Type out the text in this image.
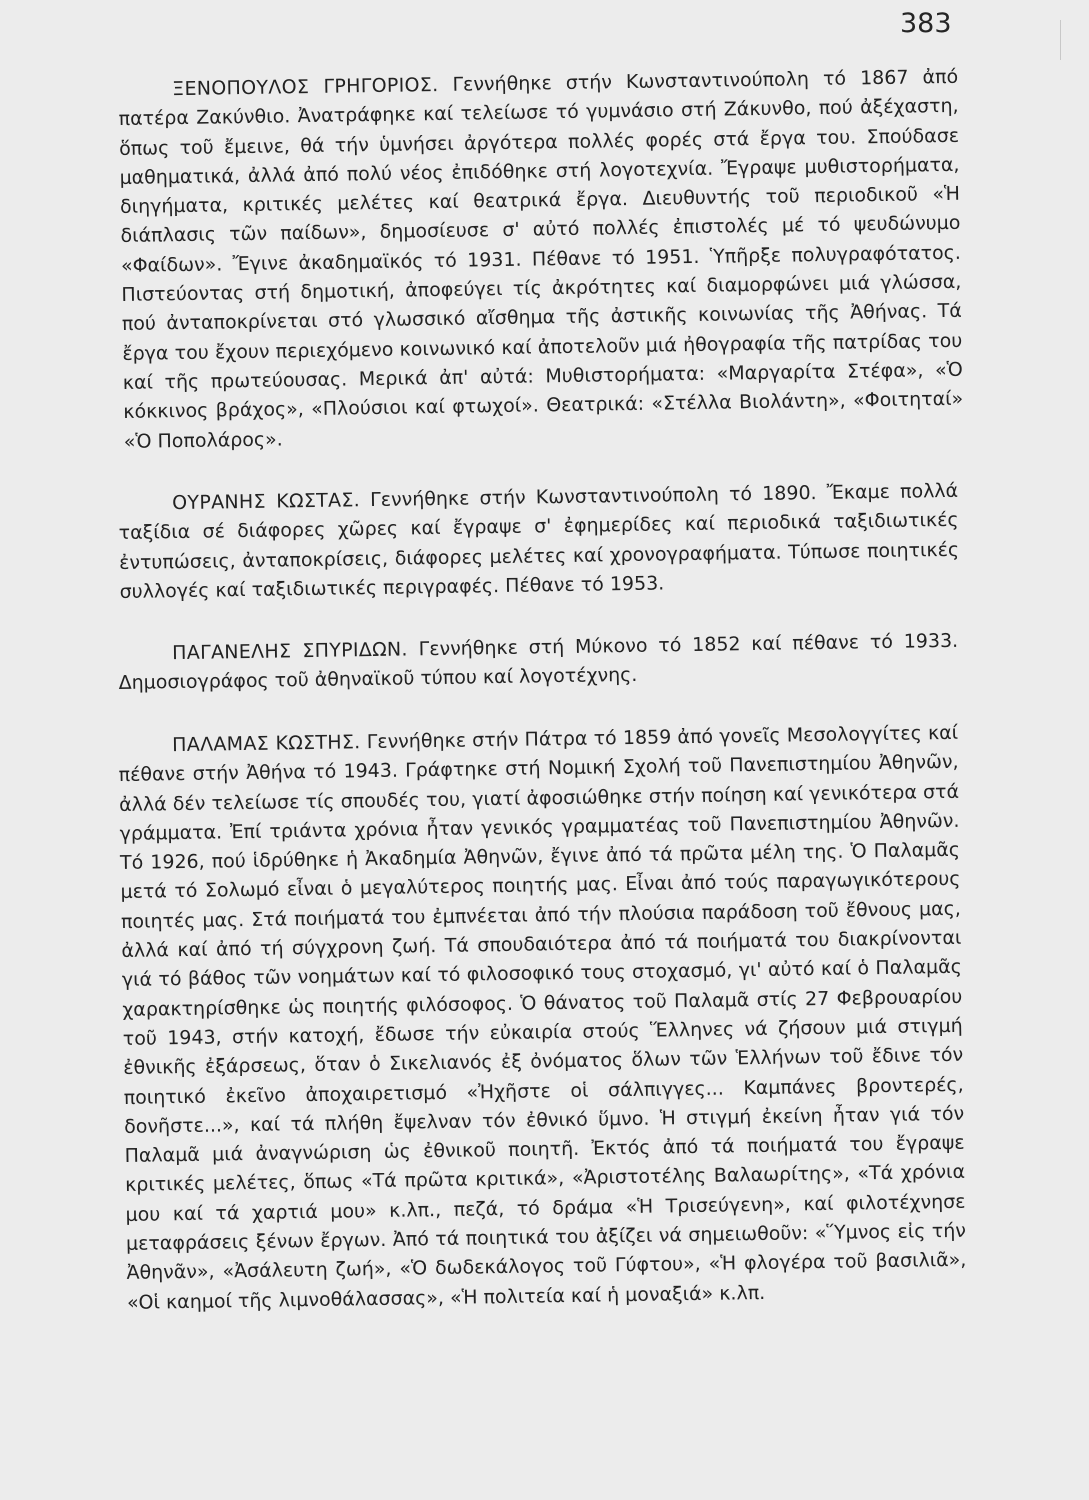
383

ΞΕΝΟΠΟΥΛΟΣ ΓΡΗΓΟΡΙΟΣ. Γεννήθηκε στήν Κωνσταντινούπολη τό 1867 ἀπό πατέρα Ζακύνθιο. Ἀνατράφηκε καί τελείωσε τό γυμνάσιο στή Ζάκυνθο, πού ἀξέχαστη, ὅπως τοῦ ἔμεινε, θά τήν ὑμνήσει ἀργότερα πολλές φορές στά ἔργα του. Σπούδασε μαθηματικά, ἀλλά ἀπό πολύ νέος ἐπιδόθηκε στή λογοτεχνία. Ἔγραψε μυθιστορήματα, διηγήματα, κριτικές μελέτες καί θεατρικά ἔργα. Διευθυντής τοῦ περιοδικοῦ «Ἡ διάπλασις τῶν παίδων», δημοσίευσε σ' αὐτό πολλές ἐπιστολές μέ τό ψευδώνυμο «Φαίδων». Ἔγινε ἀκαδημαϊκός τό 1931. Πέθανε τό 1951. Ὑπῆρξε πολυγραφότατος. Πιστεύοντας στή δημοτική, ἀποφεύγει τίς ἀκρότητες καί διαμορφώνει μιά γλώσσα, πού ἀνταποκρίνεται στό γλωσσικό αἴσθημα τῆς ἀστικῆς κοινωνίας τῆς Ἀθήνας. Τά ἔργα του ἔχουν περιεχόμενο κοινωνικό καί ἀποτελοῦν μιά ἠθογραφία τῆς πατρίδας του καί τῆς πρωτεύουσας. Μερικά ἀπ' αὐτά: Μυθιστορήματα: «Μαργαρίτα Στέφα», «Ὁ κόκκινος βράχος», «Πλούσιοι καί φτωχοί». Θεατρικά: «Στέλλα Βιολάντη», «Φοιτηταί» «Ὁ Ποπολάρος».

ΟΥΡΑΝΗΣ ΚΩΣΤΑΣ. Γεννήθηκε στήν Κωνσταντινούπολη τό 1890. Ἔκαμε πολλά ταξίδια σέ διάφορες χῶρες καί ἔγραψε σ' ἐφημερίδες καί περιοδικά ταξιδιωτικές ἐντυπώσεις, ἀνταποκρίσεις, διάφορες μελέτες καί χρονογραφήματα. Τύπωσε ποιητικές συλλογές καί ταξιδιωτικές περιγραφές. Πέθανε τό 1953.

ΠΑΓΑΝΕΛΗΣ ΣΠΥΡΙΔΩΝ. Γεννήθηκε στή Μύκονο τό 1852 καί πέθανε τό 1933. Δημοσιογράφος τοῦ ἀθηναϊκοῦ τύπου καί λογοτέχνης.

ΠΑΛΑΜΑΣ ΚΩΣΤΗΣ. Γεννήθηκε στήν Πάτρα τό 1859 ἀπό γονεῖς Μεσολογγίτες καί πέθανε στήν Ἀθήνα τό 1943. Γράφτηκε στή Νομική Σχολή τοῦ Πανεπιστημίου Ἀθηνῶν, ἀλλά δέν τελείωσε τίς σπουδές του, γιατί ἀφοσιώθηκε στήν ποίηση καί γενικότερα στά γράμματα. Ἐπί τριάντα χρόνια ἦταν γενικός γραμματέας τοῦ Πανεπιστημίου Ἀθηνῶν. Τό 1926, πού ἱδρύθηκε ἡ Ἀκαδημία Ἀθηνῶν, ἔγινε ἀπό τά πρῶτα μέλη της. Ὁ Παλαμᾶς μετά τό Σολωμό εἶναι ὁ μεγαλύτερος ποιητής μας. Εἶναι ἀπό τούς παραγωγικότερους ποιητές μας. Στά ποιήματά του ἐμπνέεται ἀπό τήν πλούσια παράδοση τοῦ ἔθνους μας, ἀλλά καί ἀπό τή σύγχρονη ζωή. Τά σπουδαιότερα ἀπό τά ποιήματά του διακρίνονται γιά τό βάθος τῶν νοημάτων καί τό φιλοσοφικό τους στοχασμό, γι' αὐτό καί ὁ Παλαμᾶς χαρακτηρίσθηκε ὡς ποιητής φιλόσοφος. Ὁ θάνατος τοῦ Παλαμᾶ στίς 27 Φεβρουαρίου τοῦ 1943, στήν κατοχή, ἔδωσε τήν εὐκαιρία στούς Ἕλληνες νά ζήσουν μιά στιγμή ἐθνικῆς ἐξάρσεως, ὅταν ὁ Σικελιανός ἐξ ὀνόματος ὅλων τῶν Ἑλλήνων τοῦ ἔδινε τόν ποιητικό ἐκεῖνο ἀποχαιρετισμό «Ἠχῆστε οἱ σάλπιγγες... Καμπάνες βροντερές, δονῆστε...», καί τά πλήθη ἔψελναν τόν ἐθνικό ὕμνο. Ἡ στιγμή ἐκείνη ἦταν γιά τόν Παλαμᾶ μιά ἀναγνώριση ὡς ἐθνικοῦ ποιητῆ. Ἐκτός ἀπό τά ποιήματά του ἔγραψε κριτικές μελέτες, ὅπως «Τά πρῶτα κριτικά», «Ἀριστοτέλης Βαλαωρίτης», «Τά χρόνια μου καί τά χαρτιά μου» κ.λπ., πεζά, τό δράμα «Ἡ Τρισεύγενη», καί φιλοτέχνησε μεταφράσεις ξένων ἔργων. Ἀπό τά ποιητικά του ἀξίζει νά σημειωθοῦν: «Ὕμνος εἰς τήν Ἀθηνᾶν», «Ἀσάλευτη ζωή», «Ὁ δωδεκάλογος τοῦ Γύφτου», «Ἡ φλογέρα τοῦ βασιλιᾶ», «Οἱ καημοί τῆς λιμνοθάλασσας», «Ἡ πολιτεία καί ἡ μοναξιά» κ.λπ.
